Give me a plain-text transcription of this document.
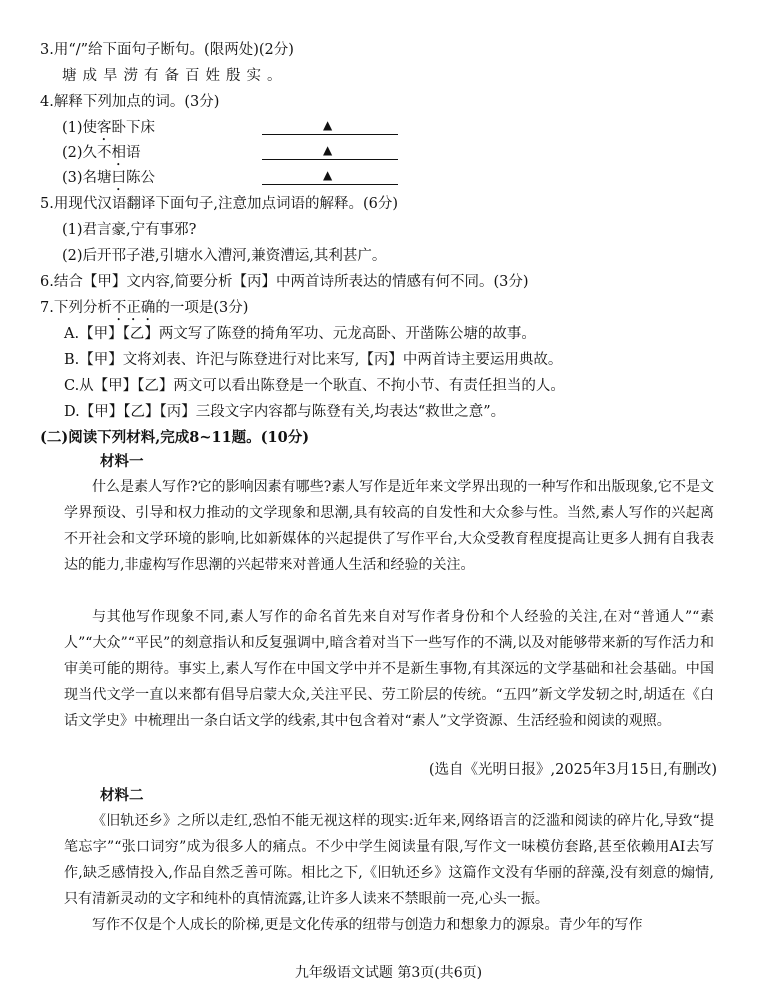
3.用“/”给下面句子断句。(限两处)(2分)
塘成旱涝有备百姓殷实。
4.解释下列加点的词。(3分)
(1)使客卧下床	▲
(2)久不相语	▲
(3)名塘曰陈公	▲
5.用现代汉语翻译下面句子,注意加点词语的解释。(6分)
(1)君言豪,宁有事邪?
(2)后开邗子港,引塘水入漕河,兼资漕运,其利甚广。
6.结合【甲】文内容,简要分析【丙】中两首诗所表达的情感有何不同。(3分)
7.下列分析不正确的一项是(3分)
A.【甲】【乙】两文写了陈登的掎角军功、元龙高卧、开凿陈公塘的故事。
B.【甲】文将刘表、许汜与陈登进行对比来写,【丙】中两首诗主要运用典故。
C.从【甲】【乙】两文可以看出陈登是一个耿直、不拘小节、有责任担当的人。
D.【甲】【乙】【丙】三段文字内容都与陈登有关,均表达“救世之意”。
(二)阅读下列材料,完成8~11题。(10分)
材料一
什么是素人写作?它的影响因素有哪些?素人写作是近年来文学界出现的一种写作和出版现象,它不是文学界预设、引导和权力推动的文学现象和思潮,具有较高的自发性和大众参与性。当然,素人写作的兴起离不开社会和文学环境的影响,比如新媒体的兴起提供了写作平台,大众受教育程度提高让更多人拥有自我表达的能力,非虚构写作思潮的兴起带来对普通人生活和经验的关注。
与其他写作现象不同,素人写作的命名首先来自对写作者身份和个人经验的关注,在对“普通人”“素人”“大众”“平民”的刻意指认和反复强调中,暗含着对当下一些写作的不满,以及对能够带来新的写作活力和审美可能的期待。事实上,素人写作在中国文学中并不是新生事物,有其深远的文学基础和社会基础。中国现当代文学一直以来都有倡导启蒙大众,关注平民、劳工阶层的传统。“五四”新文学发轫之时,胡适在《白话文学史》中梳理出一条白话文学的线索,其中包含着对“素人”文学资源、生活经验和阅读的观照。
(选自《光明日报》,2025年3月15日,有删改)
材料二
《旧轨还乡》之所以走红,恐怕不能无视这样的现实:近年来,网络语言的泛滥和阅读的碎片化,导致“提笔忘字”“张口词穷”成为很多人的痛点。不少中学生阅读量有限,写作文一味模仿套路,甚至依赖用AI去写作,缺乏感情投入,作品自然乏善可陈。相比之下,《旧轨还乡》这篇作文没有华丽的辞藻,没有刻意的煽情,只有清新灵动的文字和纯朴的真情流露,让许多人读来不禁眼前一亮,心头一振。
写作不仅是个人成长的阶梯,更是文化传承的纽带与创造力和想象力的源泉。青少年的写作
九年级语文试题 第3页(共6页)
